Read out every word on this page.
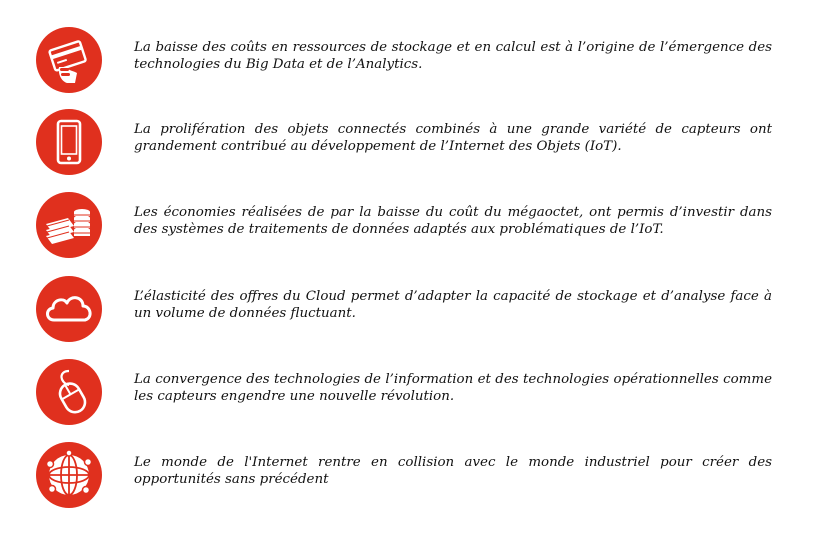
La baisse des coûts en ressources de stockage et en calcul est à l’origine de l’émergence des technologies du Big Data et de l’Analytics.
La prolifération des objets connectés combinés à une grande variété de capteurs ont grandement contribué au développement de l’Internet des Objets (IoT).
Les économies réalisées de par la baisse du coût du mégaoctet, ont permis d’investir dans des systèmes de traitements de données adaptés aux problématiques de l’IoT.
L’élasticité des offres du Cloud permet d’adapter la capacité de stockage et d’analyse face à un volume de données fluctuant.
La convergence des technologies de l’information et des technologies opérationnelles comme les capteurs engendre une nouvelle révolution.
Le monde de l'Internet rentre en collision avec le monde industriel pour créer des opportunités sans précédent
